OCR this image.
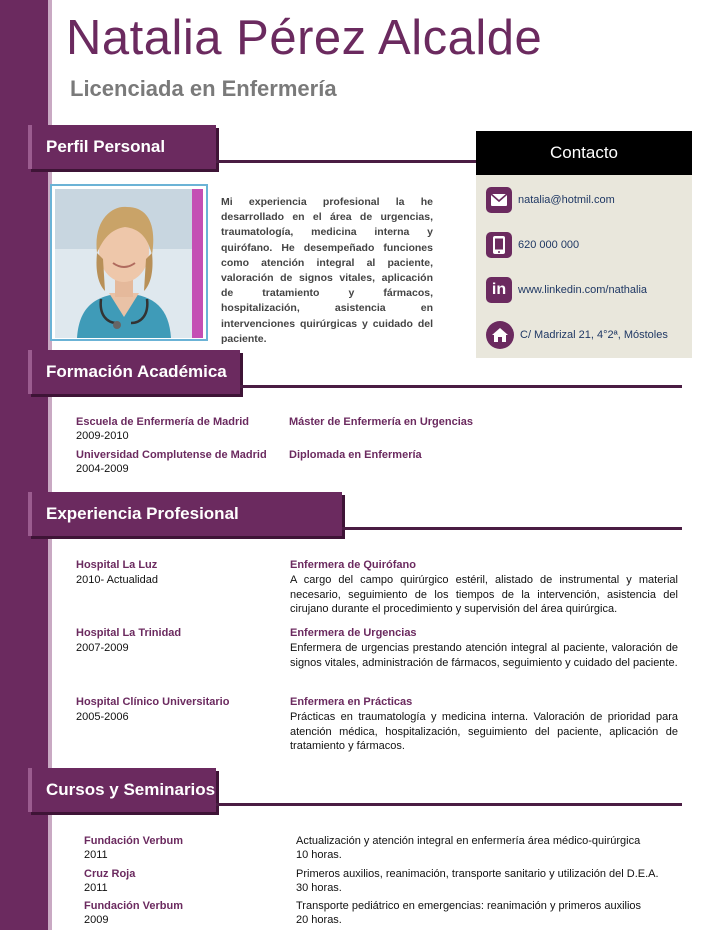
Natalia Pérez Alcalde
Licenciada en Enfermería
Perfil Personal
Mi experiencia profesional la he desarrollado en el área de urgencias, traumatología, medicina interna y quirófano. He desempeñado funciones como atención integral al paciente, valoración de signos vitales, aplicación de tratamiento y fármacos, hospitalización, asistencia en intervenciones quirúrgicas y cuidado del paciente.
Contacto
natalia@hotmil.com
620 000 000
in www.linkedin.com/nathalia
C/ Madrizal 21, 4°2ª, Móstoles
Formación Académica
Escuela de Enfermería de Madrid
2009-2010
Máster de Enfermería en Urgencias
Universidad Complutense de Madrid
2004-2009
Diplomada en Enfermería
Experiencia Profesional
Hospital La Luz
2010- Actualidad
Enfermera de Quirófano
A cargo del campo quirúrgico estéril, alistado de instrumental y material necesario, seguimiento de los tiempos de la intervención, asistencia del cirujano durante el procedimiento y supervisión del área quirúrgica.
Hospital La Trinidad
2007-2009
Enfermera de Urgencias
Enfermera de urgencias prestando atención integral al paciente, valoración de signos vitales, administración de fármacos, seguimiento y cuidado del paciente.
Hospital Clínico Universitario
2005-2006
Enfermera en Prácticas
Prácticas en traumatología y medicina interna. Valoración de prioridad para atención médica, hospitalización, seguimiento del paciente, aplicación de tratamiento y fármacos.
Cursos y Seminarios
Fundación Verbum
2011
Actualización y atención integral en enfermería área médico-quirúrgica
10 horas.
Cruz Roja
2011
Primeros auxilios, reanimación, transporte sanitario y utilización del D.E.A.
30 horas.
Fundación Verbum
2009
Transporte pediátrico en emergencias: reanimación y primeros auxilios
20 horas.
